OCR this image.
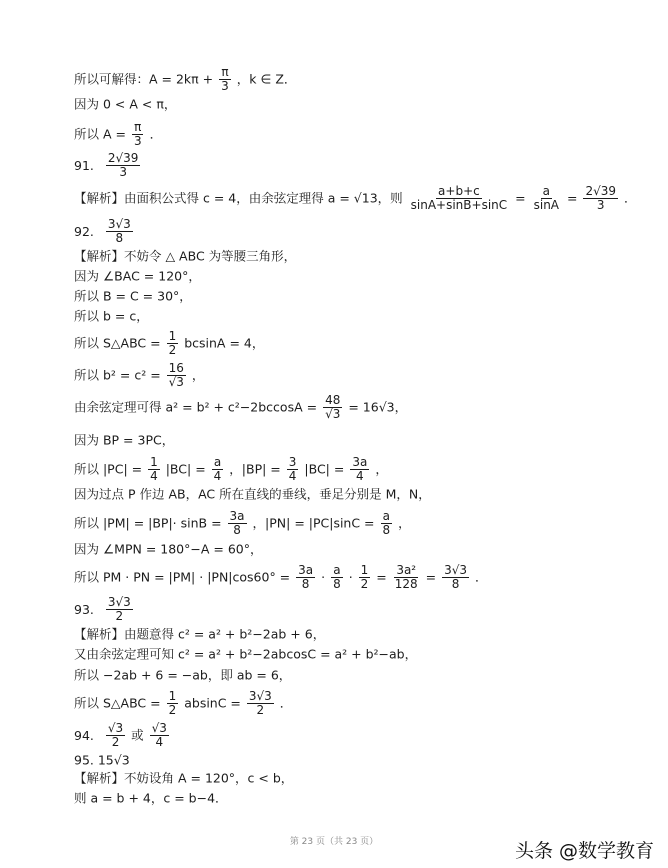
所以可解得：$A = 2k\pi + \frac{\pi}{3}$ ，k ∈ Z．
因为 0 < A < π，
所以 $A = \frac{\pi}{3}$ ．
91. $\frac{2√39}{3}$
【解析】由面积公式得 c = 4，由余弦定理得 a = √13，则 $\frac{a+b+c}{\sin A+\sin B+\sin C} = \frac{a}{\sin A} = \frac{2√39}{3}$ ．
92. $\frac{3√3}{8}$
【解析】不妨令 △ ABC 为等腰三角形，
因为 ∠BAC = 120°，
所以 B = C = 30°，
所以 b = c，
所以 S△ABC = $\frac{1}{2}$ bcsinA = 4，
所以 $b^2 = c^2 = \frac{16}{√3}$ ，
由余弦定理可得 $a^2 = b^2 + c^2-2bccosA = \frac{48}{√3} = 16√3$，
因为 BP = 3PC，
所以 $|PC| = \frac{1}{4} |BC| = \frac{a}{4}$ ，$|BP| = \frac{3}{4} |BC| = \frac{3a}{4}$ ，
因为过点 P 作边 AB，AC 所在直线的垂线，垂足分别是 M，N，
所以 $|PM| = |BP|\cdot \sin B = \frac{3a}{8}$ ，$|PN| = |PC|\sin C = \frac{a}{8}$ ，
因为 ∠MPN = 180°−A = 60°，
所以 PM · PN = $|PM| \cdot |PN|\cos 60^\circ = \frac{3a}{8} \cdot \frac{a}{8} \cdot \frac{1}{2} = \frac{\text{3a²}}{128} = \frac{3√3}{8}$ ．
93. $\frac{3√3}{2}$
【解析】由题意得 c² = a² + b²−2ab + 6，
又由余弦定理可知 c² = a² + b²−2abcosC = a² + b²−ab，
所以 −2ab + 6 = −ab，即 ab = 6，
所以 S△ABC = $\frac{1}{2}$ $absinC = \frac{3√3}{2}$ ．
94. $\frac{√3}{2}$ 或 $\frac{√3}{4}$
95. 15√3
【解析】不妨设角 A = 120°，c < b，
则 a = b + 4，c = b−4．
第 23 页（共 23 页）	头条 @数学教育
